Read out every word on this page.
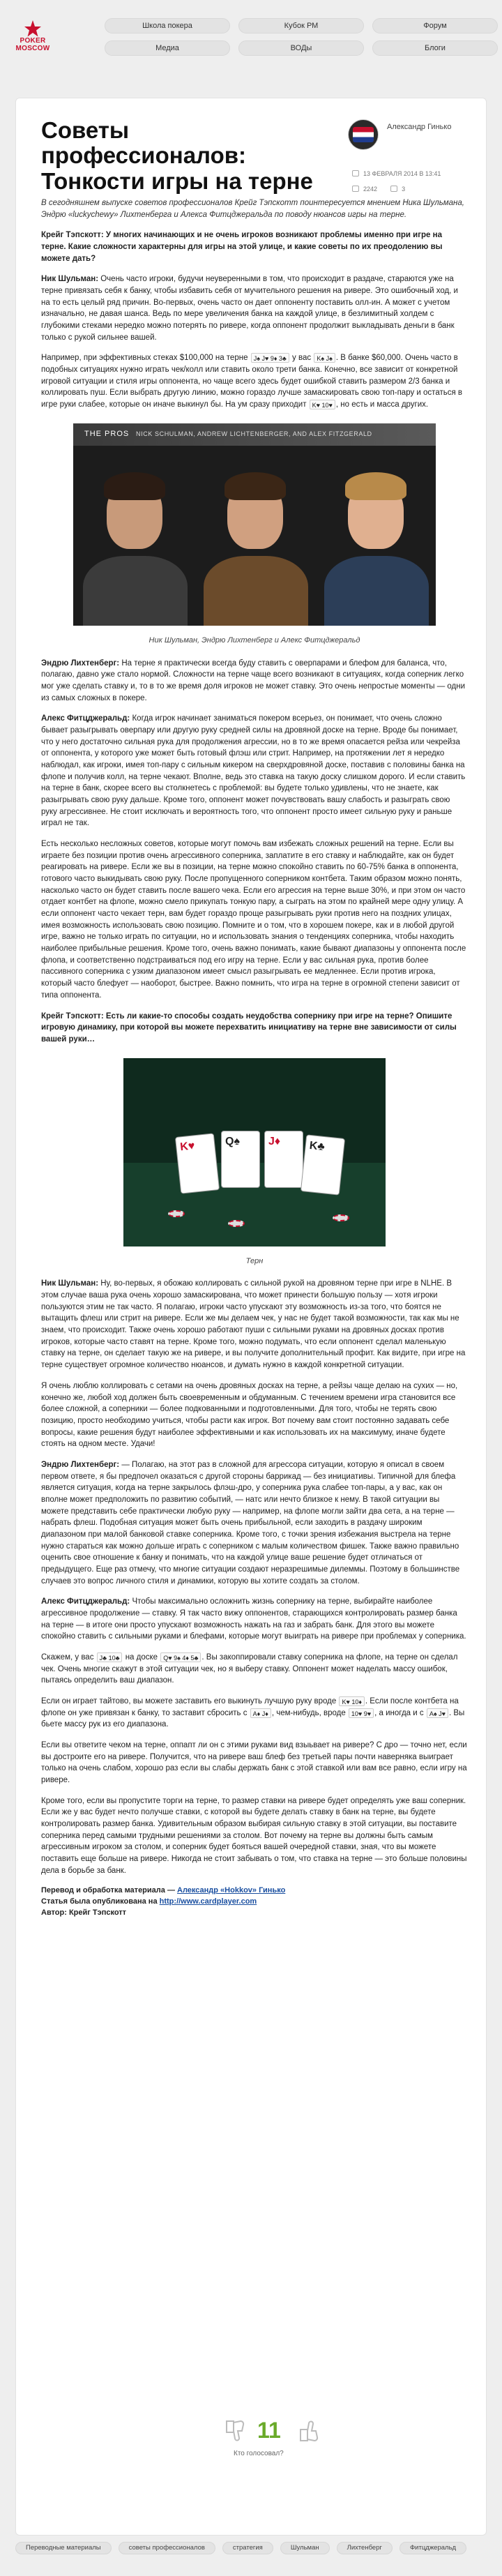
POKER
MOSCOW
Школа покера	Кубок РМ	Форум
Медиа	ВОДы	Блоги
Советы профессионалов: Тонкости игры на терне
Александр Гинько
13 ФЕВРАЛЯ 2014 В 13:41
2242	3

В сегодняшнем выпуске советов профессионалов Крейг Тэпскотт поинтересуется мнением Ника Шульмана, Эндрю «luckychewy» Лихтенберга и Алекса Фитцджеральда по поводу нюансов игры на терне.

Крейг Тэпскотт: У многих начинающих и не очень игроков возникают проблемы именно при игре на терне. Какие сложности характерны для игры на этой улице, и какие советы по их преодолению вы можете дать?

Ник Шульман: Очень часто игроки, будучи неуверенными в том, что происходит в раздаче, стараются уже на терне привязать себя к банку, чтобы избавить себя от мучительного решения на ривере. Это ошибочный ход, и на то есть целый ряд причин. Во-первых, очень часто он дает оппоненту поставить олл-ин. А может с учетом изначально, не давая шанса. Ведь по мере увеличения банка на каждой улице, в безлимитный холдем с глубокими стеками нередко можно потерять по ривере, когда оппонент продолжит выкладывать деньги в банк только с рукой сильнее вашей.

Например, при эффективных стеках $100,000 на терне J♠ J♥ 9♦ 3♣ у вас K♠ J♠ . В банке $60,000. Очень часто в подобных ситуациях нужно играть чек/колл или ставить около трети банка. Конечно, все зависит от конкретной игровой ситуации и стиля игры оппонента, но чаще всего здесь будет ошибкой ставить размером 2/3 банка и коллировать пуш. Если выбрать другую линию, можно гораздо лучше замаскировать свою топ-пару и остаться в игре руки слабее, которые он иначе выкинул бы. На ум сразу приходит K♥ 10♥ , но есть и масса других.

THE PROS NICK SCHULMAN, ANDREW LICHTENBERGER, AND ALEX FITZGERALD
Ник Шульман, Эндрю Лихтенберг и Алекс Фитцджеральд

Эндрю Лихтенберг: На терне я практически всегда буду ставить с оверпарами и блефом для баланса, что, полагаю, давно уже стало нормой. Сложности на терне чаще всего возникают в ситуациях, когда соперник легко мог уже сделать ставку и, то в то же время доля игроков не может ставку. Это очень непростые моменты — одни из самых сложных в покере.

Алекс Фитцджеральд: Когда игрок начинает заниматься покером всерьез, он понимает, что очень сложно бывает разыгрывать оверпару или другую руку средней силы на дровяной доске на терне. Вроде бы понимает, что у него достаточно сильная рука для продолжения агрессии, но в то же время опасается рейза или чекрейза от оппонента, у которого уже может быть готовый флэш или стрит. Например, на протяжении лет я нередко наблюдал, как игроки, имея топ-пару с сильным кикером на сверхдровяной доске, поставив с половины банка на флопе и получив колл, на терне чекают. Вполне, ведь это ставка на такую доску слишком дорого. И если ставить на терне в банк, скорее всего вы столкнетесь с проблемой: вы будете только удивлены, что не знаете, как разыгрывать свою руку дальше. Кроме того, оппонент может почувствовать вашу слабость и разыграть свою руку агрессивнее. Не стоит исключать и вероятность того, что оппонент просто имеет сильную руку и раньше играл не так.

Есть несколько несложных советов, которые могут помочь вам избежать сложных решений на терне. Если вы играете без позиции против очень агрессивного соперника, заплатите в его ставку и наблюдайте, как он будет реагировать на ривере. Если же вы в позиции, на терне можно спокойно ставить по 60-75% банка в оппонента, готового часто выкидывать свою руку. После пропущенного соперником контбета. Таким образом можно понять, насколько часто он будет ставить после вашего чека. Если его агрессия на терне выше 30%, и при этом он часто отдает контбет на флопе, можно смело прикупать тонкую пару, а сыграть на этом по крайней мере одну улицу. А если оппонент часто чекает терн, вам будет гораздо проще разыгрывать руки против него на поздних улицах, имея возможность использовать свою позицию. Помните и о том, что в хорошем покере, как и в любой другой игре, важно не только играть по ситуации, но и использовать знания о тенденциях соперника, чтобы находить наиболее прибыльные решения. Кроме того, очень важно понимать, какие бывают диапазоны у оппонента после флопа, и соответственно подстраиваться под его игру на терне. Если у вас сильная рука, против более пассивного соперника с узким диапазоном имеет смысл разыгрывать ее медленнее. Если против игрока, который часто блефует — наоборот, быстрее. Важно помнить, что игра на терне в огромной степени зависит от типа оппонента.

Крейг Тэпскотт: Есть ли какие-то способы создать неудобства сопернику при игре на терне? Опишите игровую динамику, при которой вы можете перехватить инициативу на терне вне зависимости от силы вашей руки…

K♥	Q♠	J♦	K♣
Терн

Ник Шульман: Ну, во-первых, я обожаю коллировать с сильной рукой на дровяном терне при игре в NLHE. В этом случае ваша рука очень хорошо замаскирована, что может принести большую пользу — хотя игроки пользуются этим не так часто. Я полагаю, игроки часто упускают эту возможность из-за того, что боятся не вытащить флеш или стрит на ривере. Если же мы делаем чек, у нас не будет такой возможности, так как мы не знаем, что происходит. Также очень хорошо работают пуши с сильными руками на дровяных досках против игроков, которые часто ставят на терне. Кроме того, можно подумать, что если оппонент сделал маленькую ставку на терне, он сделает такую же на ривере, и вы получите дополнительный профит. Как видите, при игре на терне существует огромное количество нюансов, и думать нужно в каждой конкретной ситуации.

Я очень люблю коллировать с сетами на очень дровяных досках на терне, а рейзы чаще делаю на сухих — но, конечно же, любой ход должен быть своевременным и обдуманным. С течением времени игра становится все более сложной, а соперники — более подкованными и подготовленными. Для того, чтобы не терять свою позицию, просто необходимо учиться, чтобы расти как игрок. Вот почему вам стоит постоянно задавать себе вопросы, какие решения будут наиболее эффективными и как использовать их на максимуму, иначе будете стоять на одном месте. Удачи!

Эндрю Лихтенберг: — Полагаю, на этот раз в сложной для агрессора ситуации, которую я описал в своем первом ответе, я бы предпочел оказаться с другой стороны баррикад — без инициативы. Типичной для блефа является ситуация, когда на терне закрылось флэш-дро, у соперника рука слабее топ-пары, а у вас, как он вполне может предположить по развитию событий, — натс или нечто близкое к нему. В такой ситуации вы можете представить себе практически любую руку — например, на флопе могли зайти два сета, а на терне — набрать флеш. Подобная ситуация может быть очень прибыльной, если заходить в раздачу широким диапазоном при малой банковой ставке соперника. Кроме того, с точки зрения избежания выстрела на терне нужно стараться как можно дольше играть с соперником с малым количеством фишек. Также важно правильно оценить свое отношение к банку и понимать, что на каждой улице ваше решение будет отличаться от предыдущего. Еще раз отмечу, что многие ситуации создают неразрешимые дилеммы. Поэтому в большинстве случаев это вопрос личного стиля и динамики, которую вы хотите создать за столом.

Алекс Фитцджеральд: Чтобы максимально осложнить жизнь сопернику на терне, выбирайте наиболее агрессивное продолжение — ставку. Я так часто вижу оппонентов, старающихся контролировать размер банка на терне — в итоге они просто упускают возможность нажать на газ и забрать банк. Для этого вы можете спокойно ставить с сильными руками и блефами, которые могут выиграть на ривере при проблемах у соперника.

Скажем, у вас J♣ 10♣ на доске Q♥ 9♠ 4♦ 5♣ . Вы закоппировали ставку соперника на флопе, на терне он сделал чек. Очень многие скажут в этой ситуации чек, но я выберу ставку. Оппонент может наделать массу ошибок, пытаясь определить ваш диапазон.

Если он играет тайтово, вы можете заставить его выкинуть лучшую руку вроде K♥ 10♦ . Если после контбета на флопе он уже привязан к банку, то заставит сбросить с A♦ J♦ , чем-нибудь, вроде 10♥ 9♥ , а иногда и с A♠ J♥ . Вы бьете массу рук из его диапазона.

Если вы ответите чеком на терне, оппапт ли он с этими руками вид взыьвает на ривере? С дро — точно нет, если вы достроите его на ривере. Получится, что на ривере ваш блеф без третьей пары почти наверняка выиграет только на очень слабом, хорошо раз если вы слабы держать банк с этой ставкой или вам все равно, если игру на ривере.

Кроме того, если вы пропустите торги на терне, то размер ставки на ривере будет определять уже ваш соперник. Если же у вас будет нечто получше ставки, с которой вы будете делать ставку в банк на терне, вы будете контролировать размер банка. Удивительным образом выбирая сильную ставку в этой ситуации, вы поставите соперника перед самыми трудными решениями за столом. Вот почему на терне вы должны быть самым агрессивным игроком за столом, и соперник будет бояться вашей очередной ставки, зная, что вы можете поставить еще больше на ривере. Никогда не стоит забывать о том, что ставка на терне — это больше половины дела в борьбе за банк.

Перевод и обработка материала — Александр «Hokkov» Гинько
Статья была опубликована на http://www.cardplayer.com
Автор: Крейг Тэпскотт
11
Кто голосовал?
Переводные материалы	советы профессионалов	стратегия	Шульман	Лихтенберг	Фитцджеральд
